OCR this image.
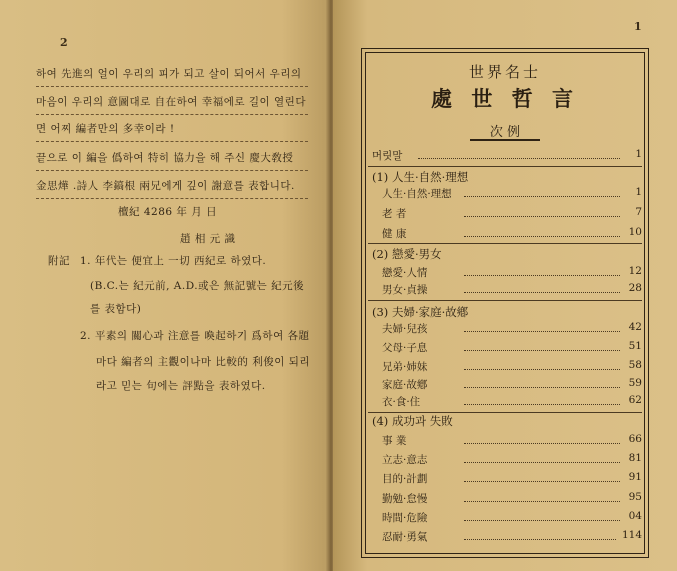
2
하여 先進의 얼이 우리의 피가 되고 살이 되어서 우리의
마음이 우리의 意圖대로 自在하여 幸福에로 길이 열린다
면 어찌 編者만의 多幸이라 !
끝으로 이 編을 僞하여 特히 協力을 해 주신 慶大敎授
金思燁 .詩人 李鎬根 兩兄에게 깊이 謝意를 表합니다.
檀紀 4286 年 月 日
趙 相 元 識
附記 1. 年代는 便宜上 一切 西紀로 하였다.
(B.C.는 紀元前, A.D.或은 無記號는 紀元後
를 表함다)
2. 平素의 關心과 注意를 喚起하기 爲하여 各題
마다 編者의 主觀이나마 比較的 利俊이 되리
라고 믿는 句에는 評點을 表하였다.
1
世界名士
處 世 哲 言
次 例
머릿말	1
(1) 人生·自然·理想
人生·自然·理想	1
老 者	7
健 康	10
(2) 戀愛·男女
戀愛·人情	12
男女·貞操	28
(3) 夫婦·家庭·故鄕
夫婦·兒孩	42
父母·子息	51
兄弟·姉妹	58
家庭·故鄕	59
衣·食·住	62
(4) 成功과 失敗
事 業	66
立志·意志	81
目的·計劃	91
勤勉·怠慢	95
時間·危險	04
忍耐·勇氣	114
